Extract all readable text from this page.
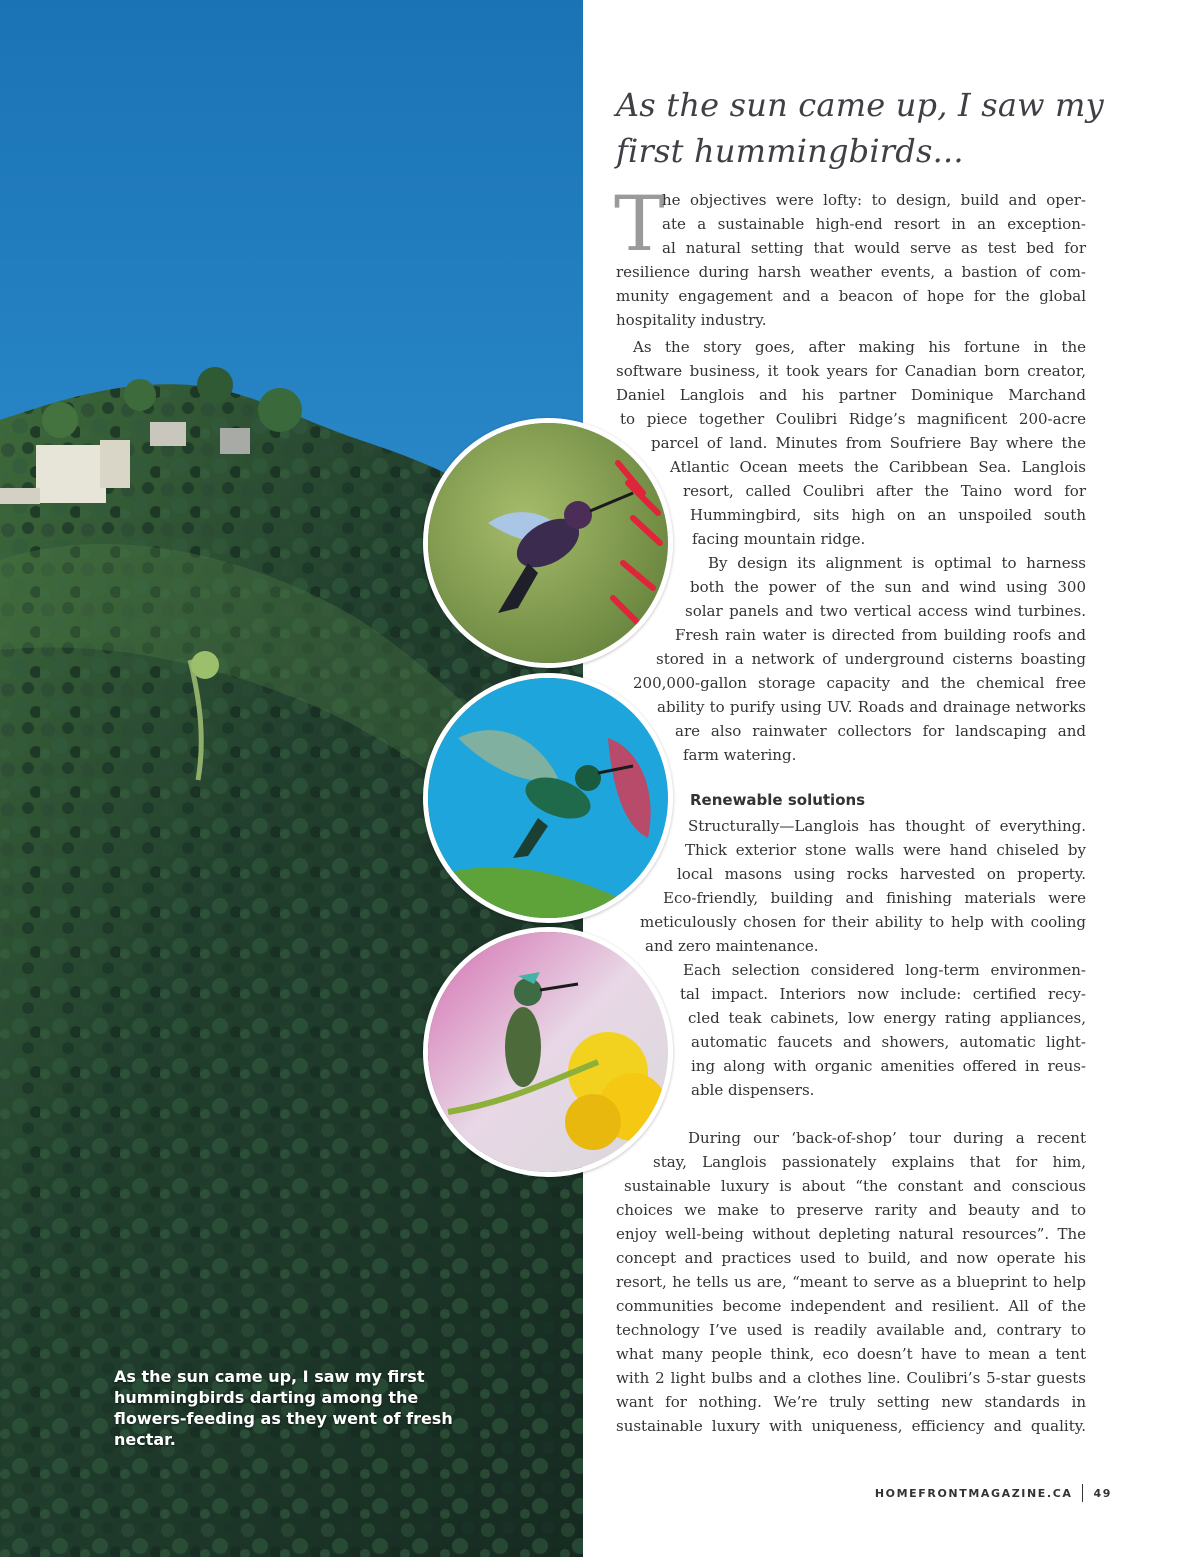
As the sun came up, I saw my first hummingbirds darting among the flowers-feeding as they went of fresh nectar.

As the sun came up, I saw my first hummingbirds...

T

Renewable solutions

he objectives were lofty: to design, build and oper-

ate a sustainable high-end resort in an exception-

al natural setting that would serve as test bed for

resilience during harsh weather events, a bastion of com-

munity engagement and a beacon of hope for the global

hospitality industry.

As the story goes, after making his fortune in the

software business, it took years for Canadian born creator,

Daniel Langlois and his partner Dominique Marchand

to piece together Coulibri Ridge’s magnificent 200-acre

parcel of land. Minutes from Soufriere Bay where the

Atlantic Ocean meets the Caribbean Sea. Langlois

resort, called Coulibri after the Taino word for

Hummingbird, sits high on an unspoiled south

facing mountain ridge.

By design its alignment is optimal to harness

both the power of the sun and wind using 300

solar panels and two vertical access wind turbines.

Fresh rain water is directed from building roofs and

stored in a network of underground cisterns boasting

200,000-gallon storage capacity and the chemical free

ability to purify using UV. Roads and drainage networks

are also rainwater collectors for landscaping and

farm watering.

Structurally—Langlois has thought of everything.

Thick exterior stone walls were hand chiseled by

local masons using rocks harvested on property.

Eco-friendly, building and finishing materials were

meticulously chosen for their ability to help with cooling

and zero maintenance.

Each selection considered long-term environmen-

tal impact. Interiors now include: certified recy-

cled teak cabinets, low energy rating appliances,

automatic faucets and showers, automatic light-

ing along with organic amenities offered in reus-

able dispensers.

During our ‘back-of-shop’ tour during a recent

stay, Langlois passionately explains that for him,

sustainable luxury is about “the constant and conscious

choices we make to preserve rarity and beauty and to

enjoy well-being without depleting natural resources”. The

concept and practices used to build, and now operate his

resort, he tells us are, “meant to serve as a blueprint to help

communities become independent and resilient. All of the

technology I’ve used is readily available and, contrary to

what many people think, eco doesn’t have to mean a tent

with 2 light bulbs and a clothes line. Coulibri’s 5-star guests

want for nothing. We’re truly setting new standards in

sustainable luxury with uniqueness, efficiency and quality.

HOMEFRONTMAGAZINE.CA 49
